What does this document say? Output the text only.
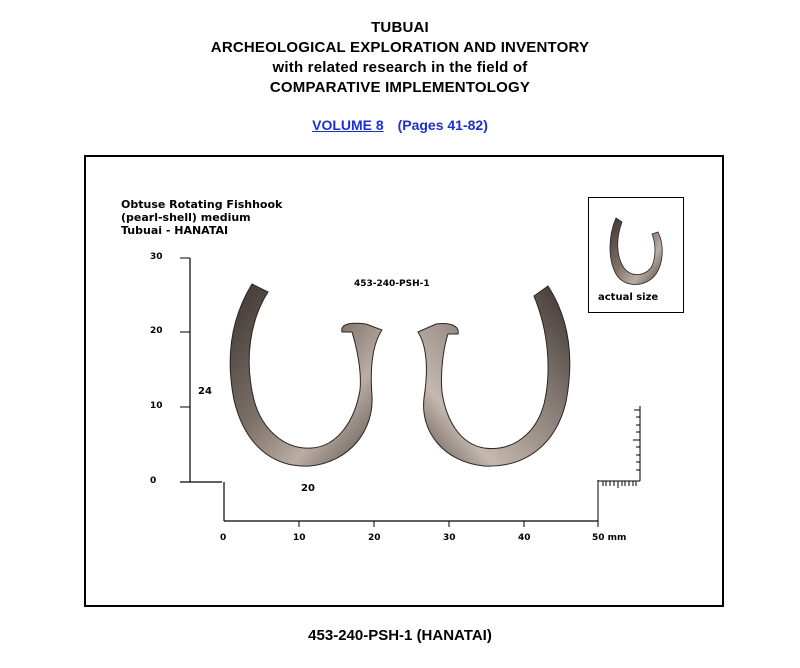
TUBUAI
ARCHEOLOGICAL EXPLORATION AND INVENTORY
with related research in the field of
COMPARATIVE IMPLEMENTOLOGY
VOLUME 8 (Pages 41-82)
Obtuse Rotating Fishhook
(pearl-shell) medium
Tubuai - HANATAI
453-240-PSH-1
actual size
30
20
10
0
0	10	20	30	40	50 mm
24
20
453-240-PSH-1 (HANATAI)
